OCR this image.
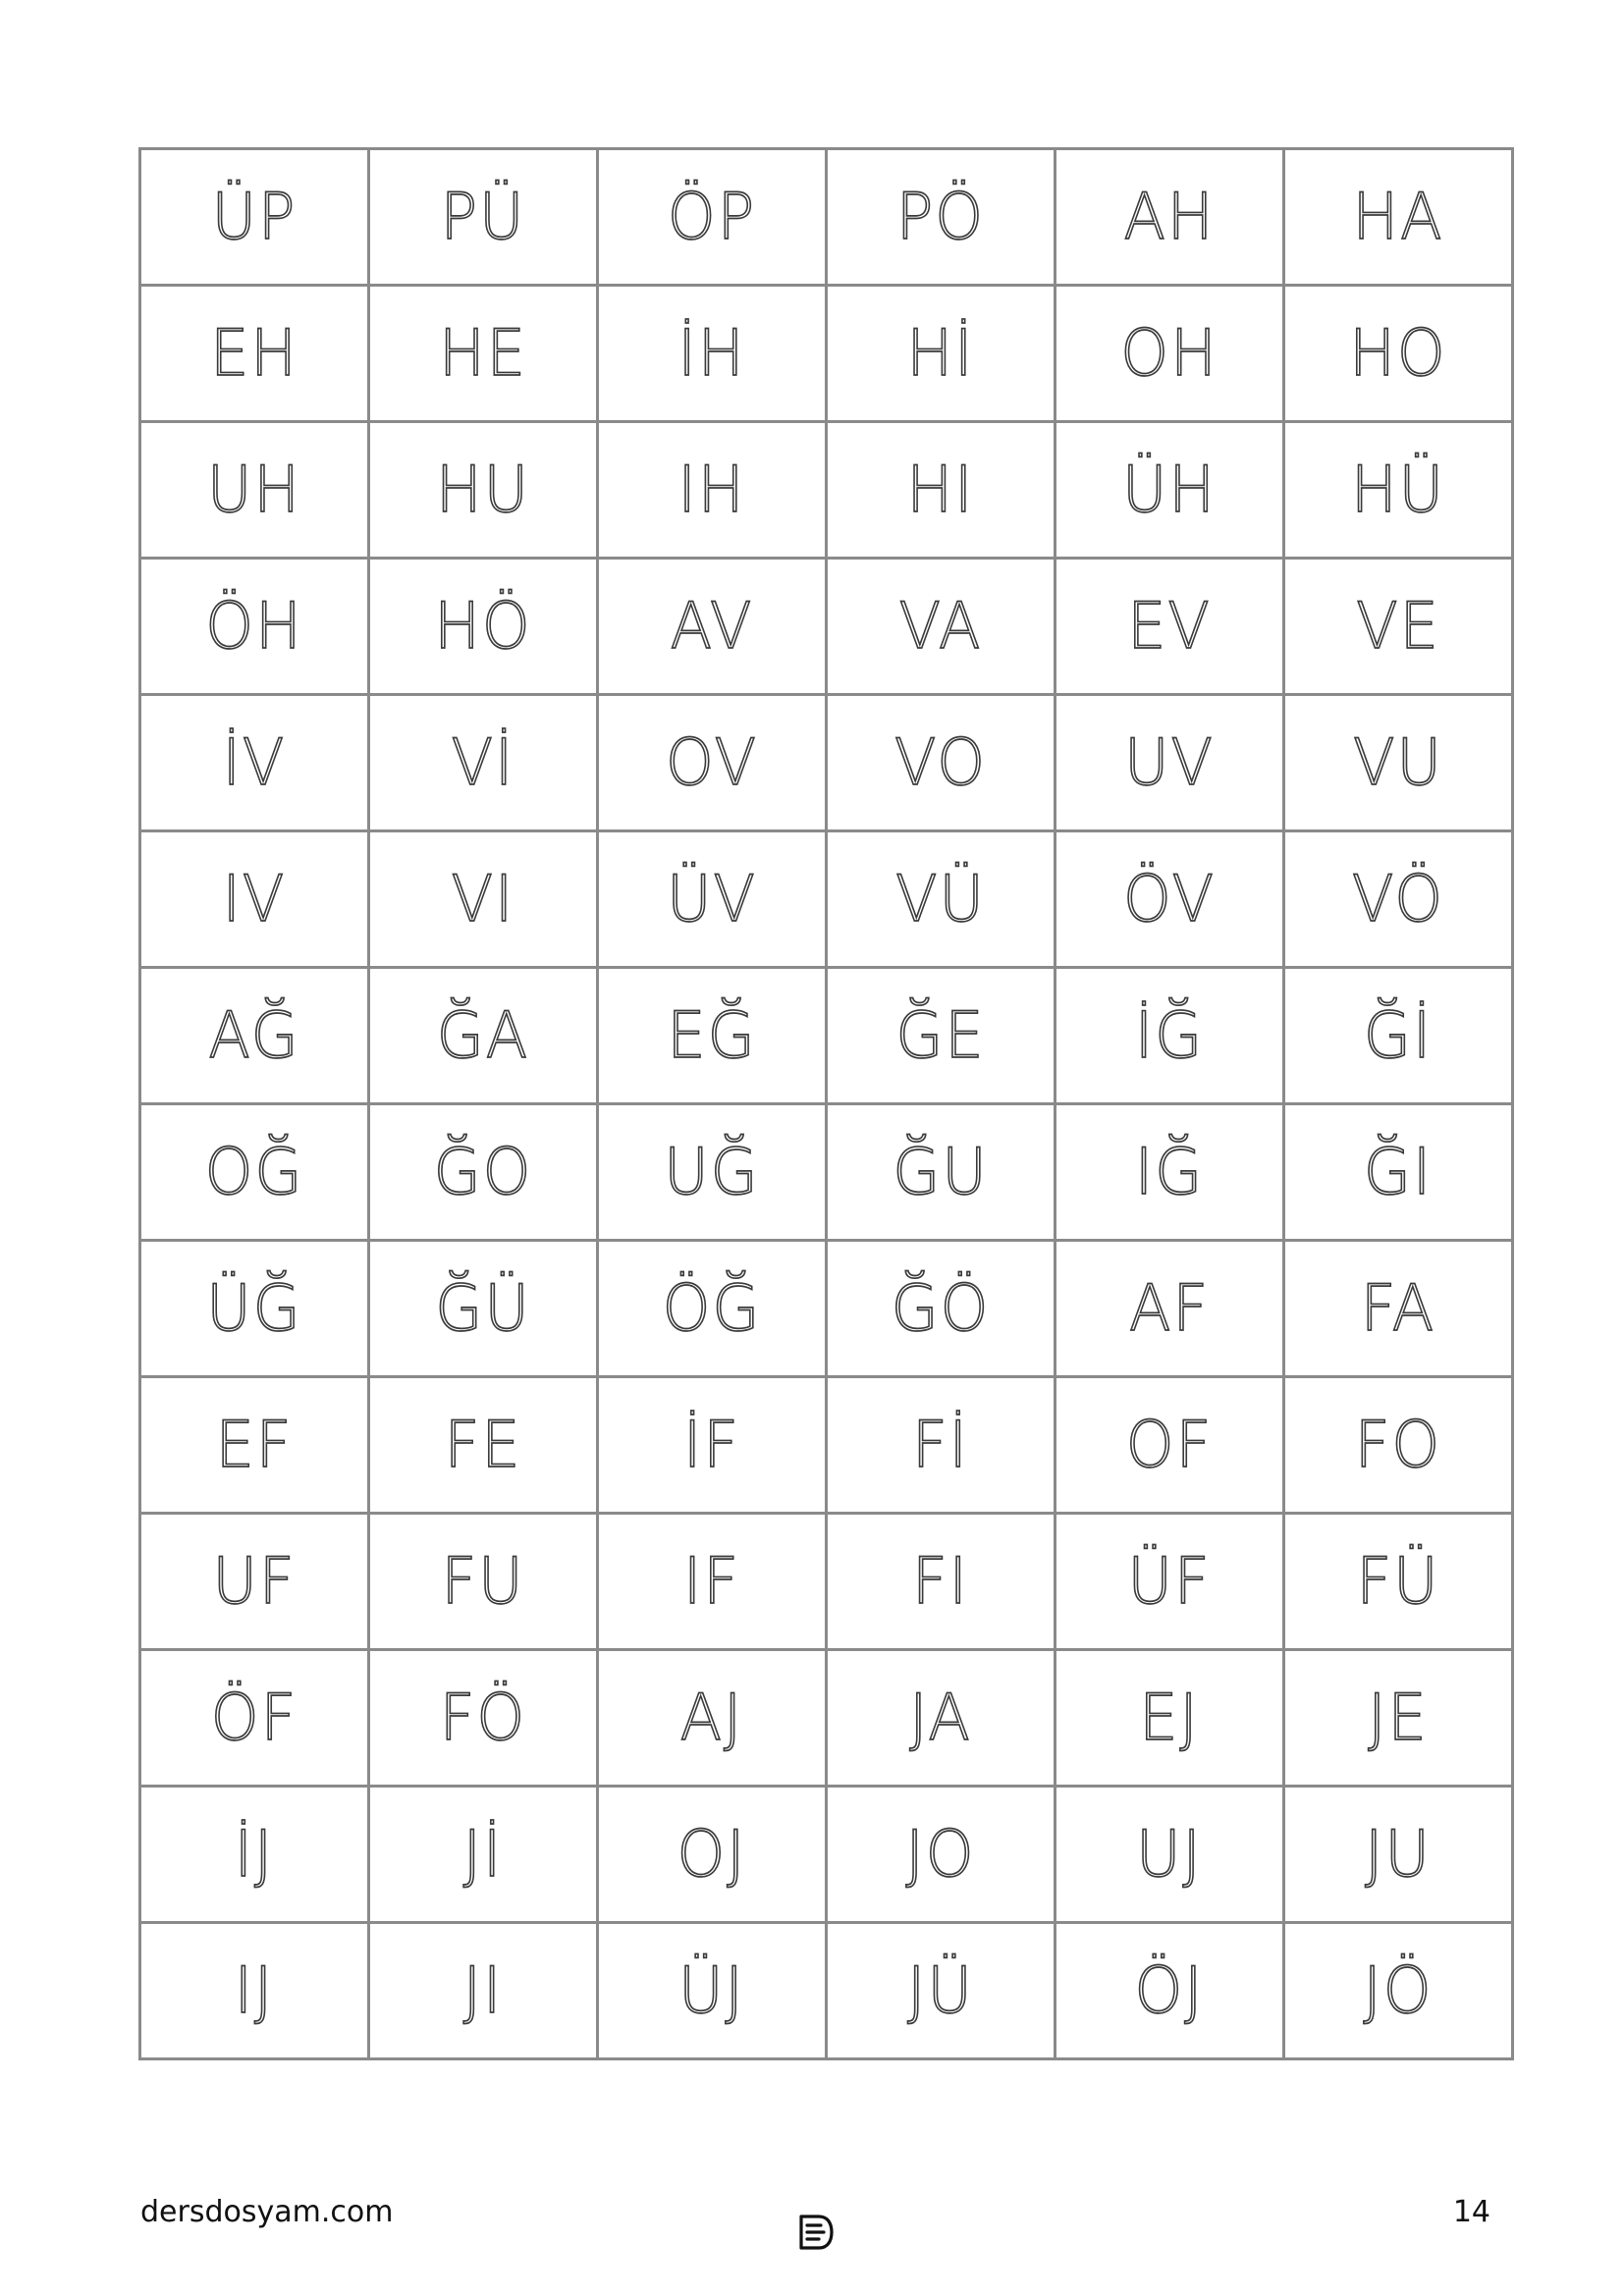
ÜP	PÜ	ÖP	PÖ	AH	HA
EH	HE	İH	Hİ	OH	HO
UH	HU	IH	HI	ÜH	HÜ
ÖH	HÖ	AV	VA	EV	VE
İV	Vİ	OV	VO	UV	VU
IV	VI	ÜV	VÜ	ÖV	VÖ
AĞ	ĞA	EĞ	ĞE	İĞ	Ğİ
OĞ	ĞO	UĞ	ĞU	IĞ	ĞI
ÜĞ	ĞÜ	ÖĞ	ĞÖ	AF	FA
EF	FE	İF	Fİ	OF	FO
UF	FU	IF	FI	ÜF	FÜ
ÖF	FÖ	AJ	JA	EJ	JE
İJ	Jİ	OJ	JO	UJ	JU
IJ	JI	ÜJ	JÜ	ÖJ	JÖ
dersdosyam.com	14
